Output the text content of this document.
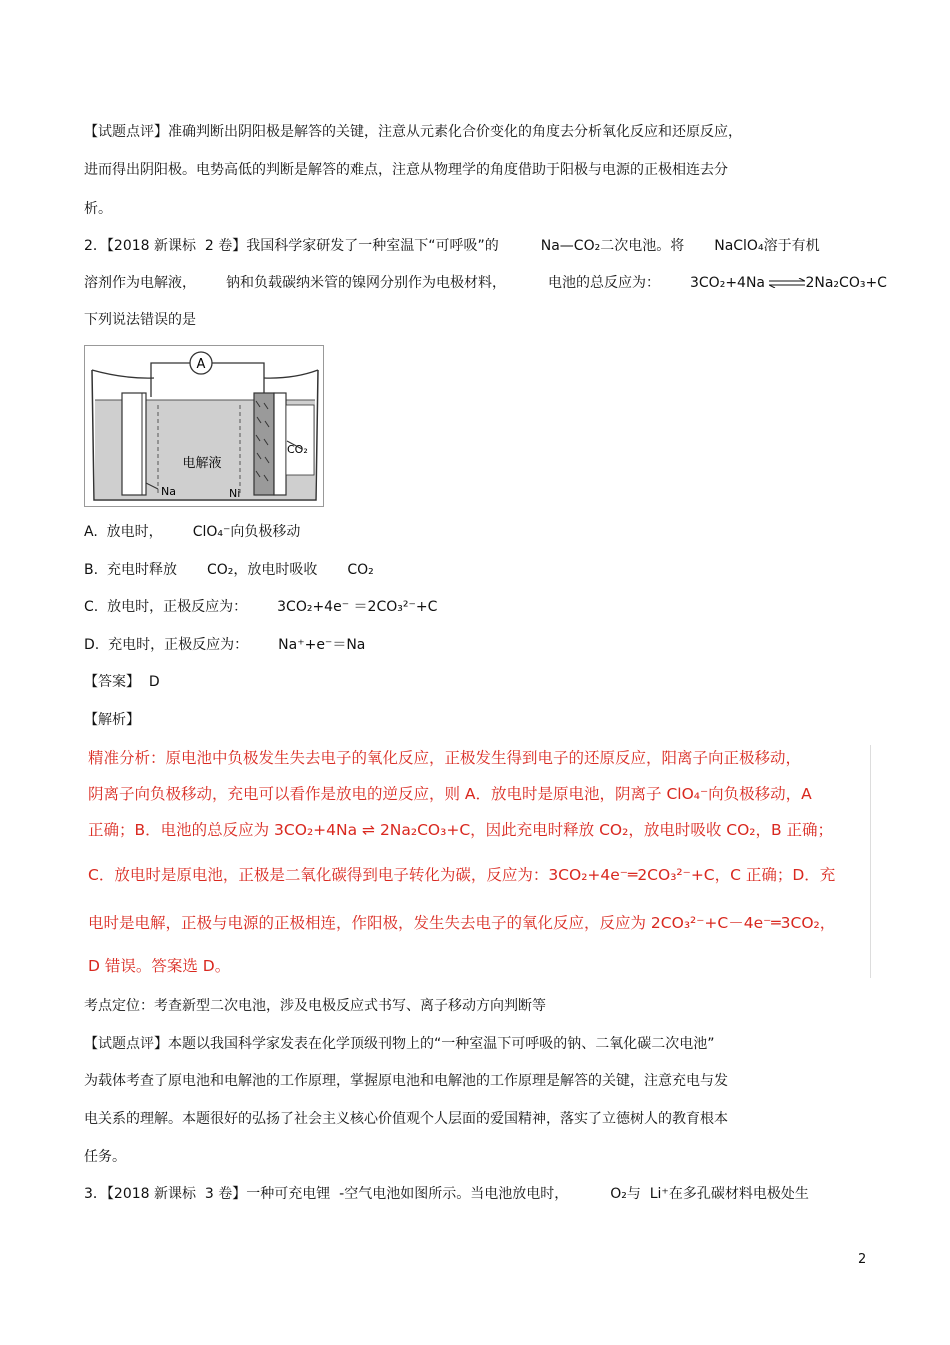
【试题点评】准确判断出阴阳极是解答的关键，注意从元素化合价变化的角度去分析氧化反应和还原反应，
进而得出阴阳极。电势高低的判断是解答的难点，注意从物理学的角度借助于阳极与电源的正极相连去分
析。
2．【2018 新课标  2 卷】我国科学家研发了一种室温下“可呼吸”的	Na—CO₂二次电池。将 NaClO₄溶于有机
溶剂作为电解液， 钠和负载碳纳米管的镍网分别作为电极材料，	电池的总反应为： 3CO₂+4Na ⇌2Na₂CO₃+C
下列说法错误的是
A
电解液
Na	Ni
CO₂
A.  放电时， ClO₄⁻向负极移动
B.  充电时释放 CO₂，放电时吸收 CO₂
C.  放电时，正极反应为： 3CO₂+4e⁻ ＝2CO₃²⁻+C
D.  充电时，正极反应为： Na⁺+e⁻＝Na
【答案】  D
【解析】
精准分析：原电池中负极发生失去电子的氧化反应，正极发生得到电子的还原反应，阳离子向正极移动，
阴离子向负极移动，充电可以看作是放电的逆反应，则 A．放电时是原电池，阴离子 ClO₄⁻向负极移动，A
正确；B．电池的总反应为 3CO₂+4Na ⇌ 2Na₂CO₃+C，因此充电时释放 CO₂，放电时吸收 CO₂，B 正确；
C．放电时是原电池，正极是二氧化碳得到电子转化为碳，反应为：3CO₂+4e⁻═2CO₃²⁻+C，C 正确；D．充
电时是电解，正极与电源的正极相连，作阳极，发生失去电子的氧化反应，反应为 2CO₃²⁻+C－4e⁻═3CO₂，
D 错误。答案选 D。
考点定位：考查新型二次电池，涉及电极反应式书写、离子移动方向判断等
【试题点评】本题以我国科学家发表在化学顶级刊物上的“一种室温下可呼吸的钠、二氧化碳二次电池”
为载体考查了原电池和电解池的工作原理，掌握原电池和电解池的工作原理是解答的关键，注意充电与发
电关系的理解。本题很好的弘扬了社会主义核心价值观个人层面的爱国精神，落实了立德树人的教育根本
任务。
3．【2018 新课标  3 卷】一种可充电锂  -空气电池如图所示。当电池放电时，	O₂与  Li⁺在多孔碳材料电极处生
2
